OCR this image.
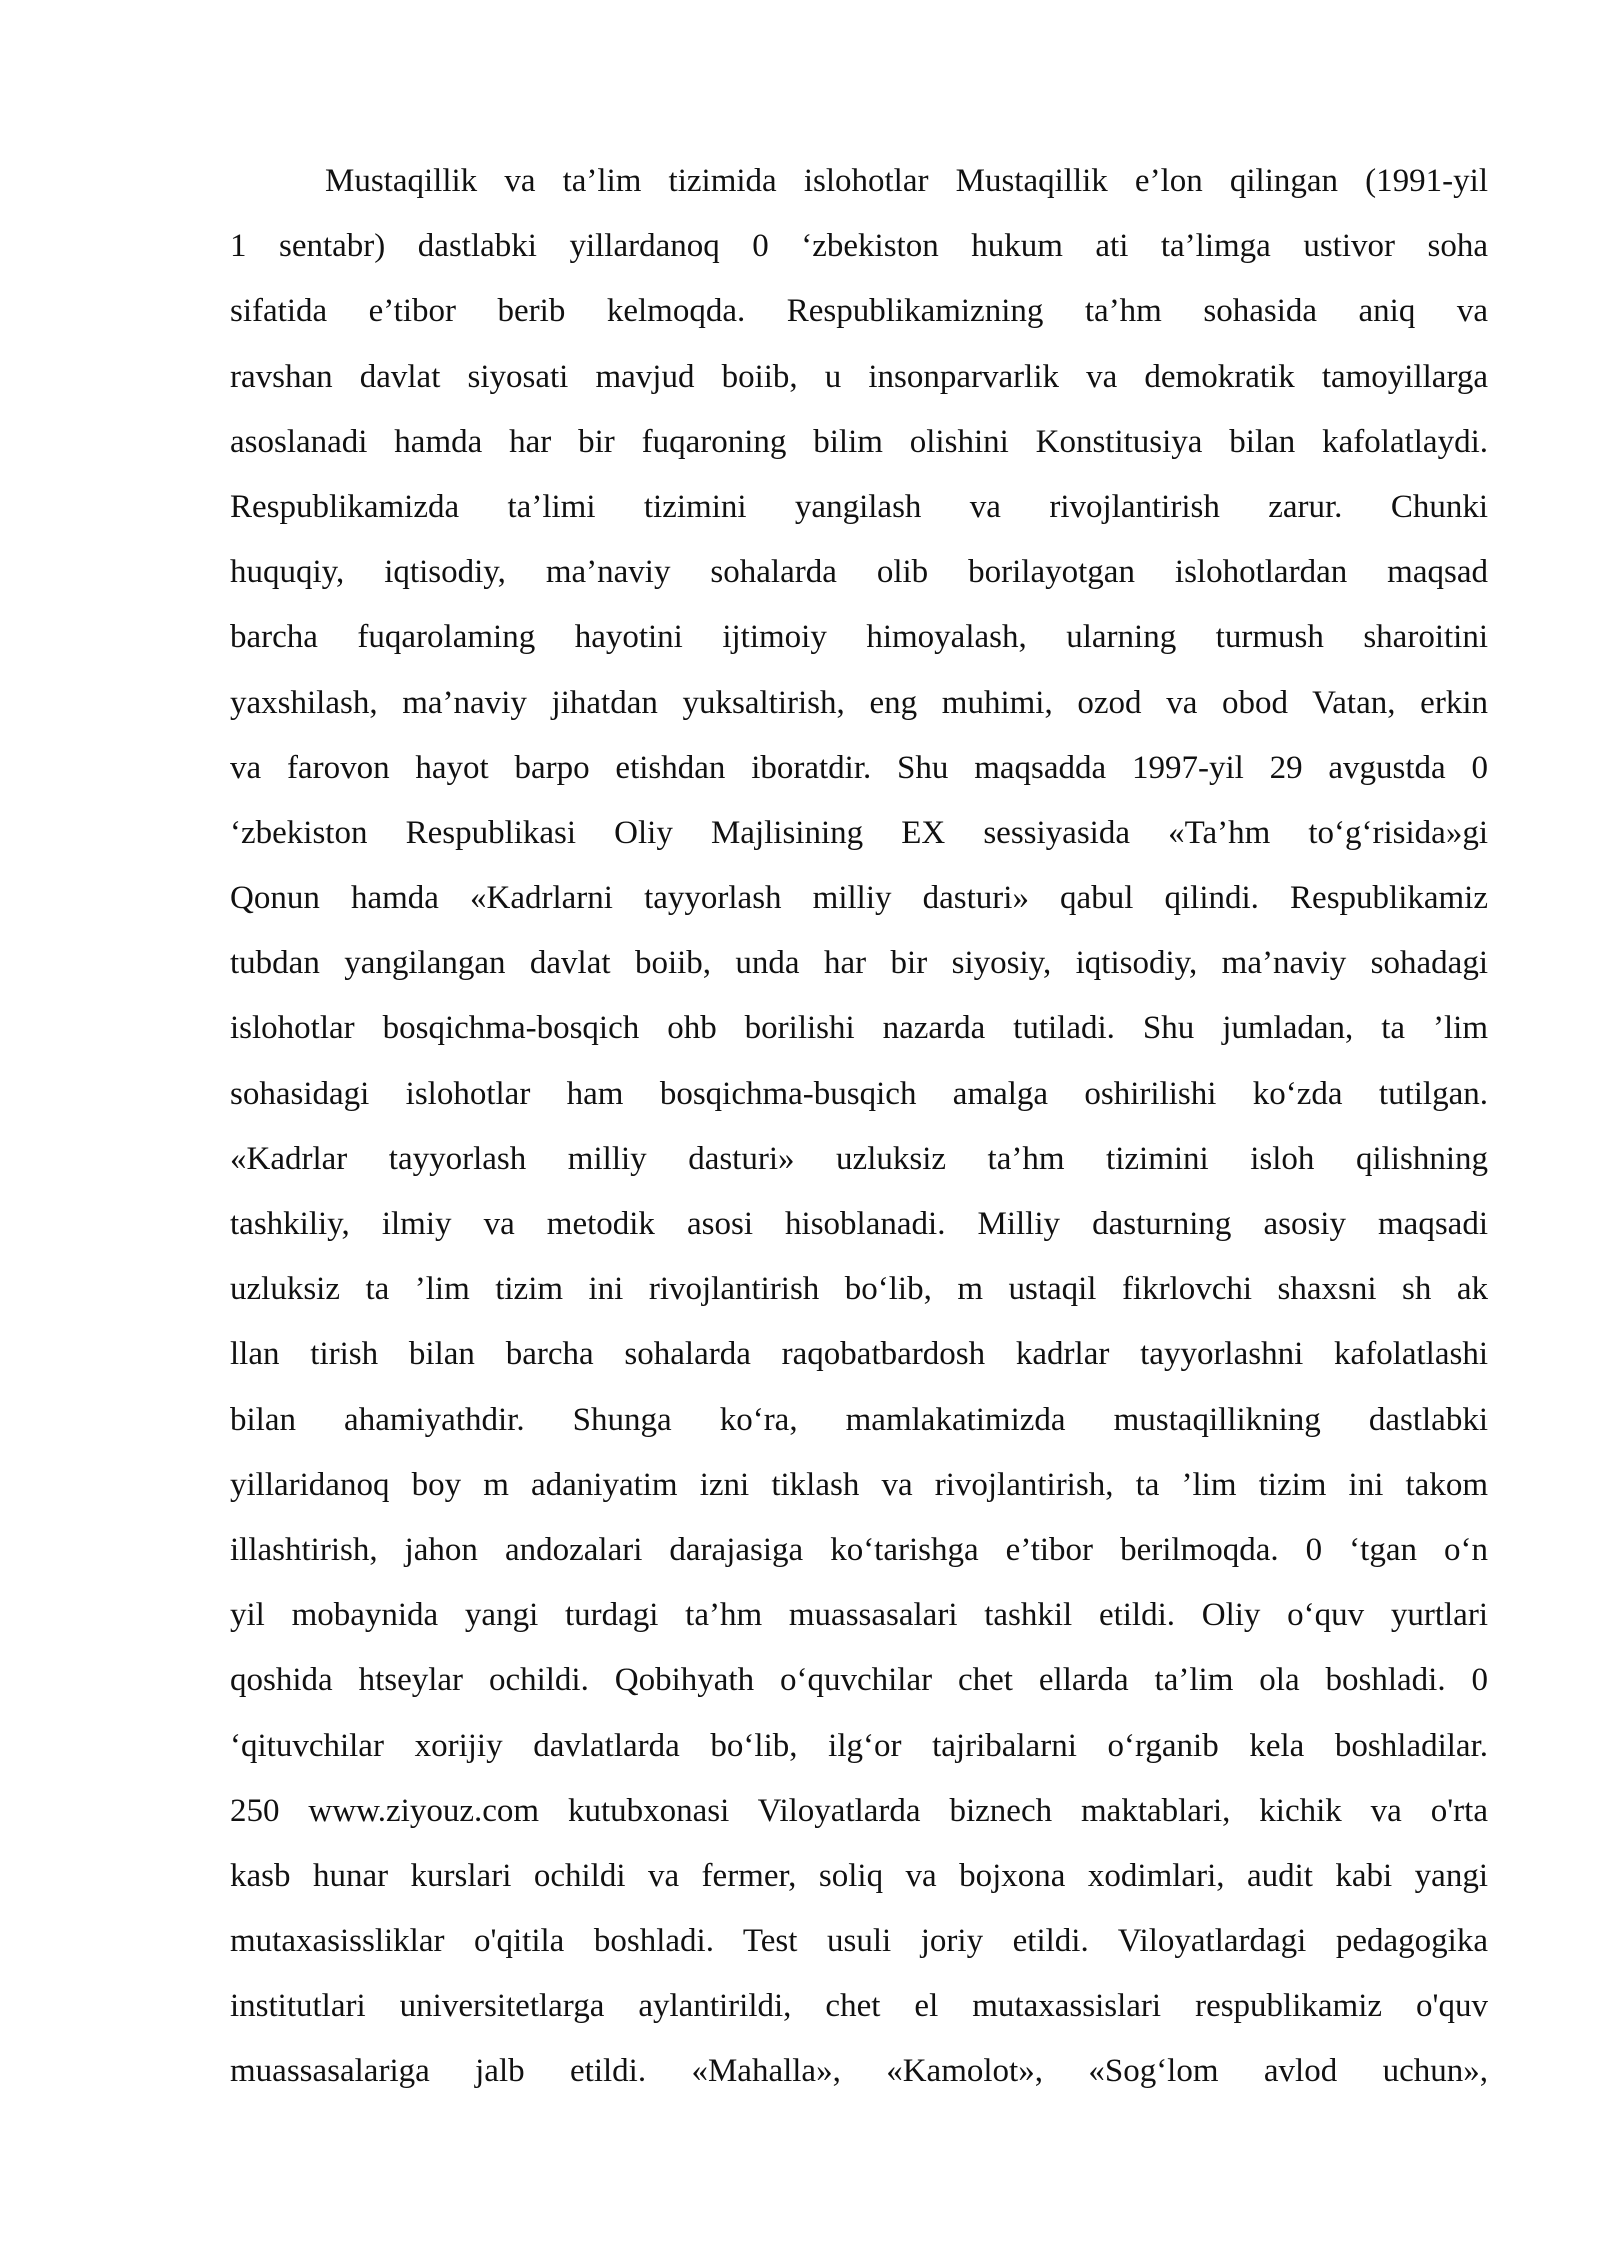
Mustaqillik va ta’lim tizimida islohotlar Mustaqillik e’lon qilingan (1991-yil
1 sentabr) dastlabki yillardanoq 0 ‘zbekiston hukum ati ta’limga ustivor soha
sifatida e’tibor berib kelmoqda. Respublikamizning ta’hm sohasida aniq va
ravshan davlat siyosati mavjud boiib, u insonparvarlik va demokratik tamoyillarga
asoslanadi hamda har bir fuqaroning bilim olishini Konstitusiya bilan kafolatlaydi.
Respublikamizda ta’limi tizimini yangilash va rivojlantirish zarur. Chunki
huquqiy, iqtisodiy, ma’naviy sohalarda olib borilayotgan islohotlardan maqsad
barcha fuqarolaming hayotini ijtimoiy himoyalash, ularning turmush sharoitini
yaxshilash, ma’naviy jihatdan yuksaltirish, eng muhimi, ozod va obod Vatan, erkin
va farovon hayot barpo etishdan iboratdir. Shu maqsadda 1997-yil 29 avgustda 0
‘zbekiston Respublikasi Oliy Majlisining EX sessiyasida «Ta’hm to‘g‘risida»gi
Qonun hamda «Kadrlarni tayyorlash milliy dasturi» qabul qilindi. Respublikamiz
tubdan yangilangan davlat boiib, unda har bir siyosiy, iqtisodiy, ma’naviy sohadagi
islohotlar bosqichma-bosqich ohb borilishi nazarda tutiladi. Shu jumladan, ta ’lim
sohasidagi islohotlar ham bosqichma-busqich amalga oshirilishi ko‘zda tutilgan.
«Kadrlar tayyorlash milliy dasturi» uzluksiz ta’hm tizimini isloh qilishning
tashkiliy, ilmiy va metodik asosi hisoblanadi. Milliy dasturning asosiy maqsadi
uzluksiz ta ’lim tizim ini rivojlantirish bo‘lib, m ustaqil fikrlovchi shaxsni sh ak
llan tirish bilan barcha sohalarda raqobatbardosh kadrlar tayyorlashni kafolatlashi
bilan ahamiyathdir. Shunga ko‘ra, mamlakatimizda mustaqillikning dastlabki
yillaridanoq boy m adaniyatim izni tiklash va rivojlantirish, ta ’lim tizim ini takom
illashtirish, jahon andozalari darajasiga ko‘tarishga e’tibor berilmoqda. 0 ‘tgan o‘n
yil mobaynida yangi turdagi ta’hm muassasalari tashkil etildi. Oliy o‘quv yurtlari
qoshida htseylar ochildi. Qobihyath o‘quvchilar chet ellarda ta’lim ola boshladi. 0
‘qituvchilar xorijiy davlatlarda bo‘lib, ilg‘or tajribalarni o‘rganib kela boshladilar.
250 www.ziyouz.com kutubxonasi Viloyatlarda biznech maktablari, kichik va o'rta
kasb hunar kurslari ochildi va fermer, soliq va bojxona xodimlari, audit kabi yangi
mutaxasissliklar o'qitila boshladi. Test usuli joriy etildi. Viloyatlardagi pedagogika
institutlari universitetlarga aylantirildi, chet el mutaxassislari respublikamiz o'quv
muassasalariga jalb etildi. «Mahalla», «Kamolot», «Sog‘lom avlod uchun»,
